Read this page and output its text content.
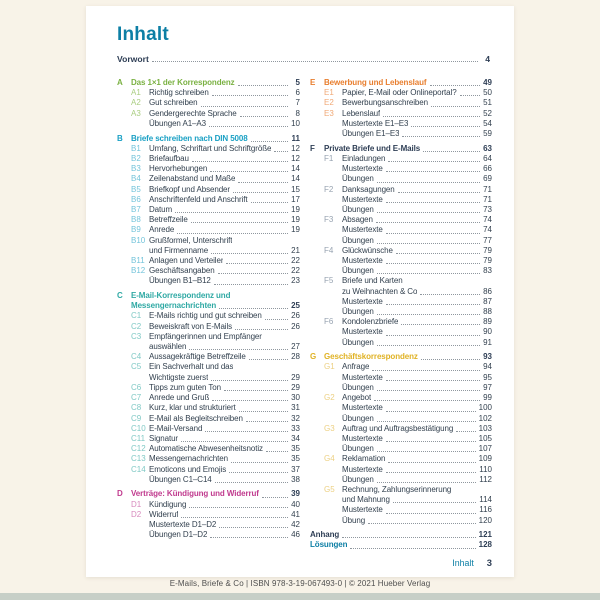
Inhalt
Vorwort	4
A	Das 1×1 der Korrespondenz	5
A1	Richtig schreiben	6
A2	Gut schreiben	7
A3	Gendergerechte Sprache	8
Übungen A1–A3	10
B	Briefe schreiben nach DIN 5008	11
B1	Umfang, Schriftart und Schriftgröße 12
B2	Briefaufbau	12
B3	Hervorhebungen	14
B4	Zeilenabstand und Maße	14
B5	Briefkopf und Absender	15
B6	Anschriftenfeld und Anschrift	17
B7	Datum	19
B8	Betreffzeile	19
B9	Anrede	19
B10 Grußformel, Unterschrift
und Firmenname	21
B11 Anlagen und Verteiler	22
B12 Geschäftsangaben	22
Übungen B1–B12	23
C	E-Mail-Korrespondenz und
Messengernachrichten	25
C1 E-Mails richtig und gut schreiben	26
C2 Beweiskraft von E-Mails	26
C3 Empfängerinnen und Empfänger
auswählen	27
C4 Aussagekräftige Betreffzeile	28
C5 Ein Sachverhalt und das
Wichtigste zuerst	29
C6 Tipps zum guten Ton	29
C7 Anrede und Gruß	30
C8 Kurz, klar und strukturiert	31
C9 E-Mail als Begleitschreiben	32
C10 E-Mail-Versand	33
C11 Signatur	34
C12 Automatische Abwesenheitsnotiz	35
C13 Messengernachrichten	35
C14 Emoticons und Emojis	37
Übungen C1–C14	38
D	Verträge: Kündigung und Widerruf	39
D1 Kündigung	40
D2 Widerruf	41
Mustertexte D1–D2	42
Übungen D1–D2	46
E	Bewerbung und Lebenslauf	49
E1	Papier, E-Mail oder Onlineportal?	50
E2	Bewerbungsanschreiben	51
E3	Lebenslauf	52
Mustertexte E1–E3	54
Übungen E1–E3	59
F	Private Briefe und E-Mails	63
F1	Einladungen	64
Mustertexte	66
Übungen	69
F2	Danksagungen	71
Mustertexte	71
Übungen	73
F3	Absagen	74
Mustertexte	74
Übungen	77
F4	Glückwünsche	79
Mustertexte	79
Übungen	83
F5	Briefe und Karten
zu Weihnachten & Co	86
Mustertexte	87
Übungen	88
F6	Kondolenzbriefe	89
Mustertexte	90
Übungen	91
G Geschäftskorrespondenz	93
G1 Anfrage	94
Mustertexte	95
Übungen	97
G2 Angebot	99
Mustertexte	100
Übungen	102
G3 Auftrag und Auftragsbestätigung	103
Mustertexte	105
Übungen	107
G4 Reklamation	109
Mustertexte	110
Übungen	112
G5 Rechnung, Zahlungserinnerung
und Mahnung	114
Mustertexte	116
Übung	120
Anhang	121
Lösungen	128
Inhalt 3
E-Mails, Briefe & Co | ISBN 978-3-19-067493-0 | © 2021 Hueber Verlag
